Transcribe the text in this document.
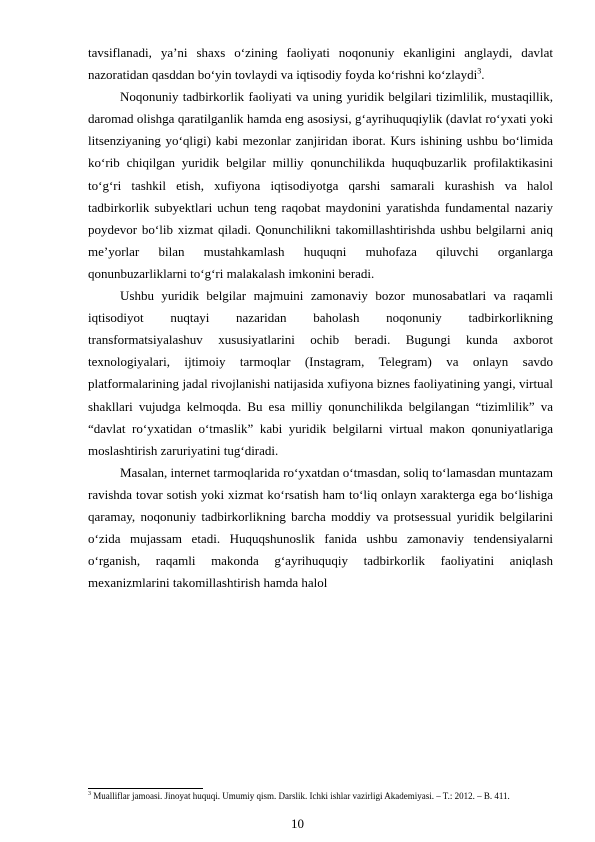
tavsiflanadi, ya’ni shaxs o‘zining faoliyati noqonuniy ekanligini anglaydi, davlat nazoratidan qasddan bo‘yin tovlaydi va iqtisodiy foyda ko‘rishni ko‘zlaydi$^3$.

Noqonuniy tadbirkorlik faoliyati va uning yuridik belgilari tizimlilik, mustaqillik, daromad olishga qaratilganlik hamda eng asosiysi, g‘ayrihuquqiylik (davlat ro‘yxati yoki litsenziyaning yo‘qligi) kabi mezonlar zanjiridan iborat. Kurs ishining ushbu bo‘limida ko‘rib chiqilgan yuridik belgilar milliy qonunchilikda huquqbuzarlik profilaktikasini to‘g‘ri tashkil etish, xufiyona iqtisodiyotga qarshi samarali kurashish va halol tadbirkorlik subyektlari uchun teng raqobat maydonini yaratishda fundamental nazariy poydevor bo‘lib xizmat qiladi. Qonunchilikni takomillashtirishda ushbu belgilarni aniq me’yorlar bilan mustahkamlash huquqni muhofaza qiluvchi organlarga qonunbuzarliklarni to‘g‘ri malakalash imkonini beradi.

Ushbu yuridik belgilar majmuini zamonaviy bozor munosabatlari va raqamli iqtisodiyot nuqtayi nazaridan baholash noqonuniy tadbirkorlikning transformatsiyalashuv xususiyatlarini ochib beradi. Bugungi kunda axborot texnologiyalari, ijtimoiy tarmoqlar (Instagram, Telegram) va onlayn savdo platformalarining jadal rivojlanishi natijasida xufiyona biznes faoliyatining yangi, virtual shakllari vujudga kelmoqda. Bu esa milliy qonunchilikda belgilangan “tizimlilik” va “davlat ro‘yxatidan o‘tmaslik” kabi yuridik belgilarni virtual makon qonuniyatlariga moslashtirish zaruriyatini tug‘diradi.

Masalan, internet tarmoqlarida ro‘yxatdan o‘tmasdan, soliq to‘lamasdan muntazam ravishda tovar sotish yoki xizmat ko‘rsatish ham to‘liq onlayn xarakterga ega bo‘lishiga qaramay, noqonuniy tadbirkorlikning barcha moddiy va protsessual yuridik belgilarini o‘zida mujassam etadi. Huquqshunoslik fanida ushbu zamonaviy tendensiyalarni o‘rganish, raqamli makonda g‘ayrihuquqiy tadbirkorlik faoliyatini aniqlash mexanizmlarini takomillashtirish hamda halol

$^3$ Mualliflar jamoasi. Jinoyat huquqi. Umumiy qism. Darslik. Ichki ishlar vazirligi Akademiyasi. – T.: 2012. – B. 411.
10
